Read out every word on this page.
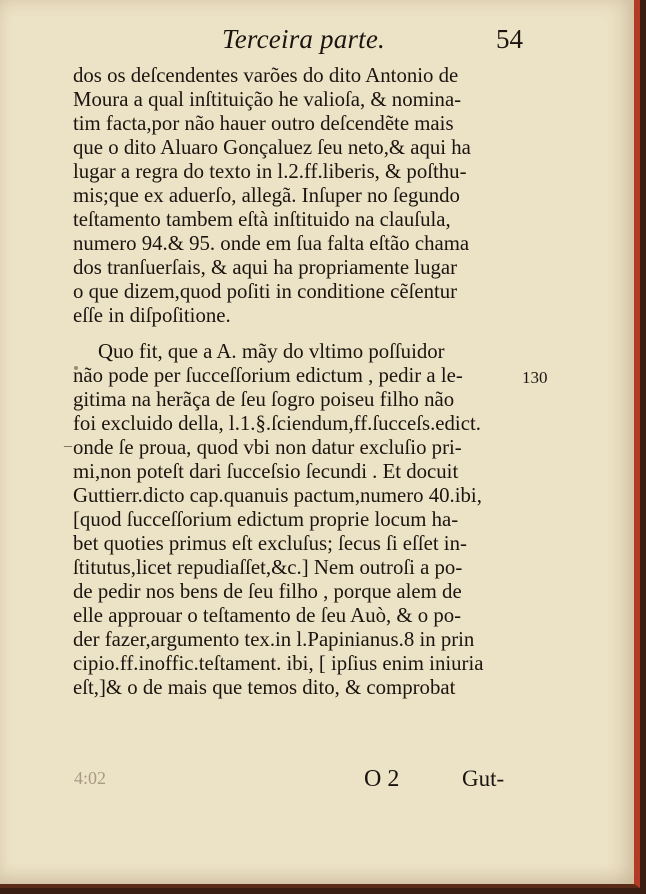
Terceira parte.	54
dos os deſcendentes varões do dito Antonio de
Moura a qual inſtituição he valioſa, & nomina-
tim facta,por não hauer outro deſcendẽte mais
que o dito Aluaro Gonçaluez ſeu neto,& aqui ha
lugar a regra do texto in l.2.ff.liberis, & poſthu-
mis;que ex aduerſo, allegã. Inſuper no ſegundo
teſtamento tambem eſtà inſtituido na clauſula,
numero 94.& 95. onde em ſua falta eſtão chama
dos tranſuerſais, & aqui ha propriamente lugar
o que dizem,quod poſiti in conditione cẽſentur
eſſe in diſpoſitione.
Quo fit, que a A. mãy do vltimo poſſuidor
não pode per ſucceſſorium edictum , pedir a le-
gitima na herãça de ſeu ſogro poiseu filho não
foi excluido della, l.1.§.ſciendum,ff.ſucceſs.edict.
onde ſe proua, quod vbi non datur excluſio pri-
mi,non poteſt dari ſucceſsio ſecundi . Et docuit
Guttierr.dicto cap.quanuis pactum,numero 40.ibi,
[quod ſucceſſorium edictum proprie locum ha-
bet quoties primus eſt excluſus; ſecus ſi eſſet in-
ſtitutus,licet repudiaſſet,&c.] Nem outroſi a po-
de pedir nos bens de ſeu filho , porque alem de
elle approuar o teſtamento de ſeu Auò, & o po-
der fazer,argumento tex.in l.Papinianus.8 in prin
cipio.ff.inoffic.teſtament. ibi, [ ipſius enim iniuria
eſt,]& o de mais que temos dito, & comprobat
130
_
4:02	O 2	Gut-
